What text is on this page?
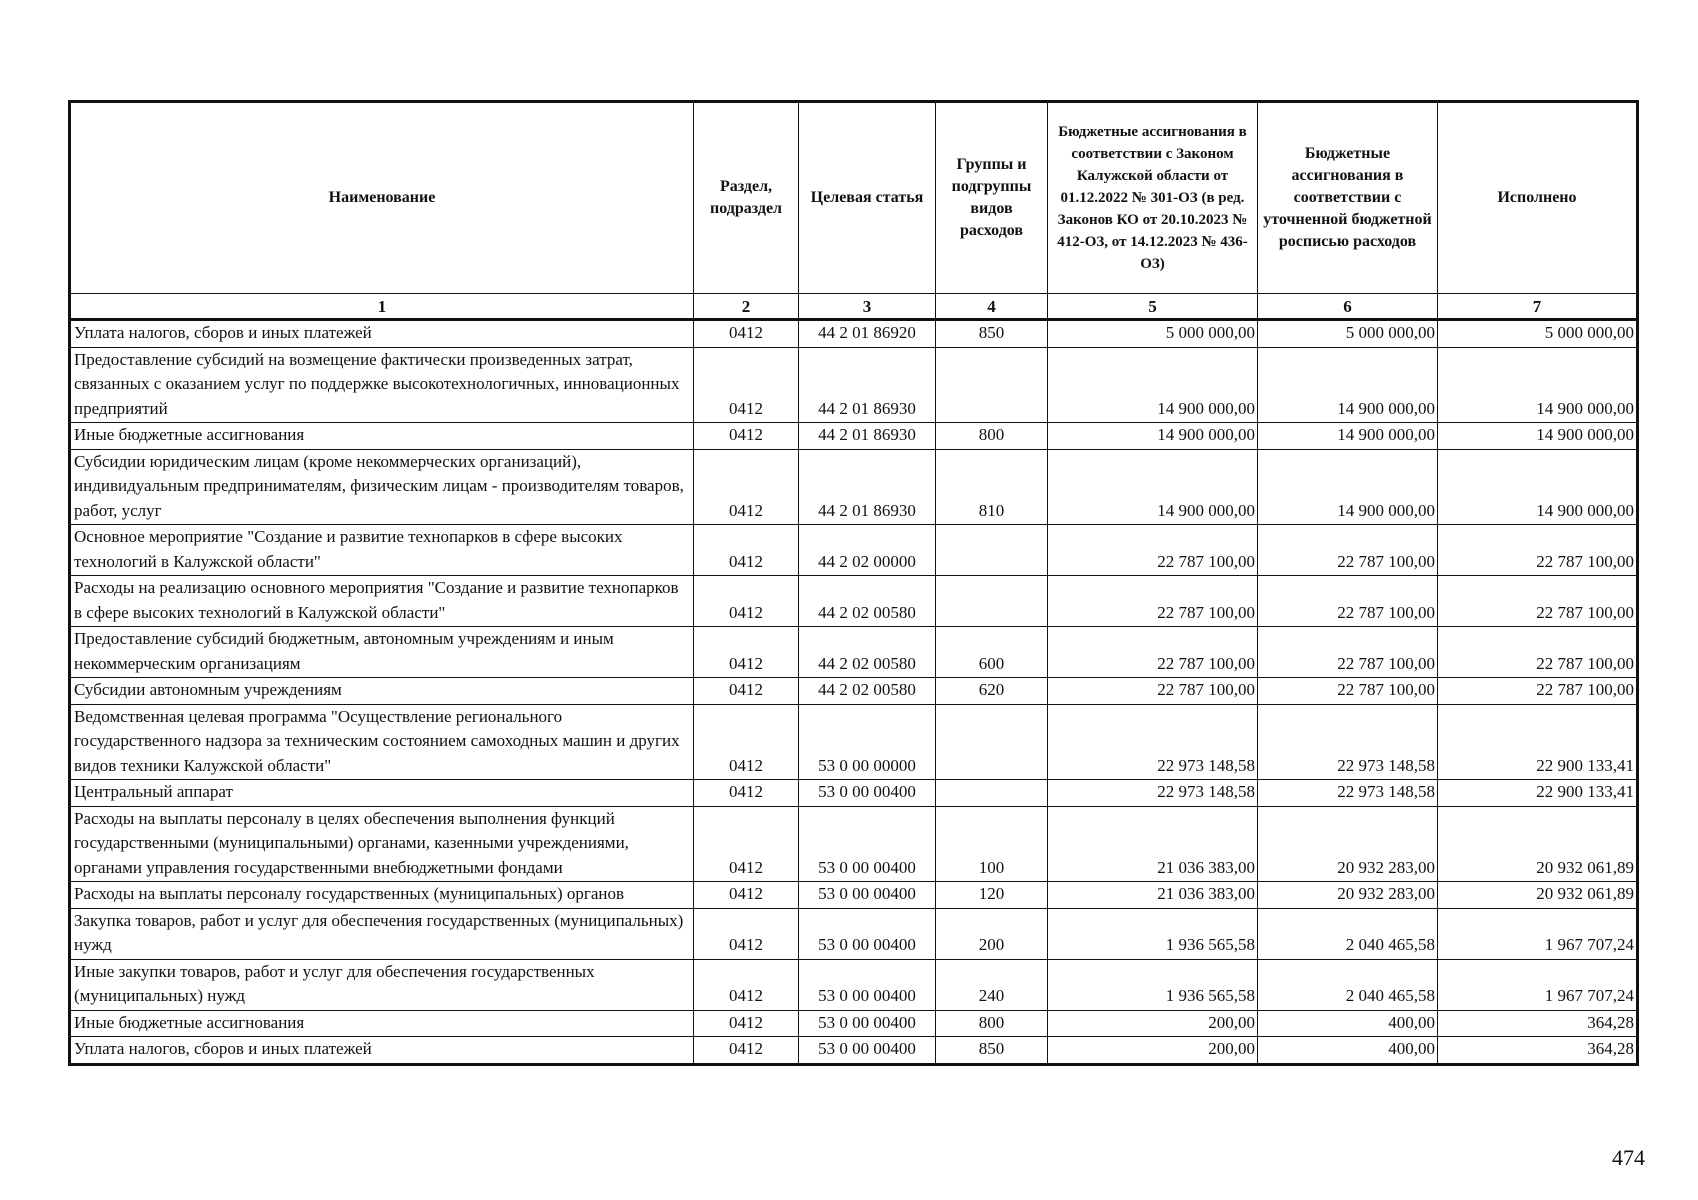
Наименование	Раздел, подраздел	Целевая статья	Группы и подгруппы видов расходов	Бюджетные ассигнования в соответствии с Законом Калужской области от 01.12.2022 № 301-ОЗ (в ред. Законов КО от 20.10.2023 № 412-ОЗ, от 14.12.2023 № 436-ОЗ)	Бюджетные ассигнования в соответствии с уточненной бюджетной росписью расходов	Исполнено
1	2	3	4	5	6	7
Уплата налогов, сборов и иных платежей	0412	44 2 01 86920	850	5 000 000,00	5 000 000,00	5 000 000,00
Предоставление субсидий на возмещение фактически произведенных затрат, связанных с оказанием услуг по поддержке высокотехнологичных, инновационных предприятий	0412	44 2 01 86930		14 900 000,00	14 900 000,00	14 900 000,00
Иные бюджетные ассигнования	0412	44 2 01 86930	800	14 900 000,00	14 900 000,00	14 900 000,00
Субсидии юридическим лицам (кроме некоммерческих организаций), индивидуальным предпринимателям, физическим лицам - производителям товаров, работ, услуг	0412	44 2 01 86930	810	14 900 000,00	14 900 000,00	14 900 000,00
Основное мероприятие "Создание и развитие технопарков в сфере высоких технологий в Калужской области"	0412	44 2 02 00000		22 787 100,00	22 787 100,00	22 787 100,00
Расходы на реализацию основного мероприятия "Создание и развитие технопарков в сфере высоких технологий в Калужской области"	0412	44 2 02 00580		22 787 100,00	22 787 100,00	22 787 100,00
Предоставление субсидий бюджетным, автономным учреждениям и иным некоммерческим организациям	0412	44 2 02 00580	600	22 787 100,00	22 787 100,00	22 787 100,00
Субсидии автономным учреждениям	0412	44 2 02 00580	620	22 787 100,00	22 787 100,00	22 787 100,00
Ведомственная целевая программа "Осуществление регионального государственного надзора за техническим состоянием самоходных машин и других видов техники Калужской области"	0412	53 0 00 00000		22 973 148,58	22 973 148,58	22 900 133,41
Центральный аппарат	0412	53 0 00 00400		22 973 148,58	22 973 148,58	22 900 133,41
Расходы на выплаты персоналу в целях обеспечения выполнения функций государственными (муниципальными) органами, казенными учреждениями, органами управления государственными внебюджетными фондами	0412	53 0 00 00400	100	21 036 383,00	20 932 283,00	20 932 061,89
Расходы на выплаты персоналу государственных (муниципальных) органов	0412	53 0 00 00400	120	21 036 383,00	20 932 283,00	20 932 061,89
Закупка товаров, работ и услуг для обеспечения государственных (муниципальных) нужд	0412	53 0 00 00400	200	1 936 565,58	2 040 465,58	1 967 707,24
Иные закупки товаров, работ и услуг для обеспечения государственных (муниципальных) нужд	0412	53 0 00 00400	240	1 936 565,58	2 040 465,58	1 967 707,24
Иные бюджетные ассигнования	0412	53 0 00 00400	800	200,00	400,00	364,28
Уплата налогов, сборов и иных платежей	0412	53 0 00 00400	850	200,00	400,00	364,28
474
